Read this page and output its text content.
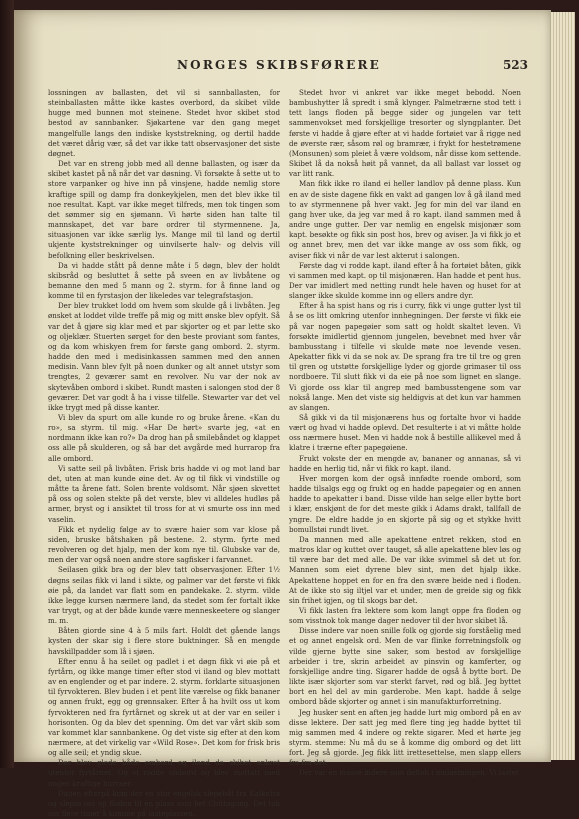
NORGES SKIBSFØRERE	523

lossningen av ballasten, det vil si sannballasten, for steinballasten måtte ikke kastes overbord, da skibet vilde hugge med bunnen mot steinene. Stedet hvor skibet stod bestod av sannbanker. Sjøkartene var den gang meget mangelfulle langs den indiske kyststrekning, og dertil hadde det været dårig vær, så det var ikke tatt observasjoner det siste døgnet.

Det var en streng jobb med all denne ballasten, og især da skibet kastet på nå når det var døsning. Vi forsøkte å sette ut to store varpanker og hive inn på vinsjene, hadde nemlig store kraftige spill og damp fra donkeykjelen, men det blev ikke til noe resultat. Kapt. var ikke meget tilfreds, men tok tingen som det sømmer sig en sjømann. Vi hørte siden han talte til mannskapet, det var bare ordrer til styrmennene. Ja, situasjonen var ikke særlig lys. Mange mil til land og dertil ukjente kyststrekninger og uinvilserte halv- og delvis vill befolkning eller beskrivelsen.

Da vi hadde stått på denne måte i 5 døgn, blev der holdt skibsråd og besluttet å sette på sveen en av livbåtene og bemanne den med 5 mann og 2. styrm. for å finne land og komme til en fyrstasjon der likeledes var telegrafstasjon.

Der blev trukket lodd om hvem som skulde gå i livbåten. Jeg ønsket at loddet vilde treffe på mig og mitt ønske blev opfylt. Så var det å gjøre sig klar med et par skjorter og et par lette sko og oljeklær. Stuerten sørget for den beste proviant som fantes, og da kom whiskyen frem for første gang ombord. 2. styrm. hadde den med i medisinkassen sammen med den annen medisin. Vann blev fylt på noen dunker og alt annet utstyr som trengtes, 2 geværer samt en revolver. Nu var der nok av skytevåben ombord i skibet. Rundt masten i salongen stod der 8 geværer. Det var godt å ha i visse tilfelle. Stewarter var det vel ikke trygt med på disse kanter.

Vi blev da spurt om alle kunde ro og bruke årene. «Kan du ro», sa styrm. til mig. «Har De hørt» svarte jeg, «at en nordmann ikke kan ro?» Da drog han på smilebåndet og klappet oss alle på skulderen, og så bar det avgårde med hurrarop fra alle ombord.

Vi satte seil på livbåten. Frisk bris hadde vi og mot land bar det, uten at man kunde øine det. Av og til fikk vi vindstille og måtte ta årene fatt. Solen brente voldsomt. Når sjøen skvettet på oss og solen stekte på det verste, blev vi alldeles hudløs på armer, bryst og i ansiktet til tross for at vi smurte oss inn med vaselin.

Fikk et nydelig følge av to svære haier som var klose på siden, bruske båtshaken på bestene. 2. styrm. fyrte med revolveren og det hjalp, men der kom nye til. Glubske var de, men der var også noen andre store sagfisker i farvannet.

Seilasen gikk bra og der blev tatt observasjoner. Efter 1½ døgns seilas fikk vi land i sikte, og palmer var det første vi fikk øie på, da landet var flatt som en pandekake. 2. styrm. vilde ikke legge kursen nærmere land, da stedet som fer fortalt ikke var trygt, og at der både kunde være menneskeetere og slanger m. m.

Båten giorde sine 4 à 5 mils fart. Holdt det gående langs kysten der skar sig i flere store buktninger. Så en mengde havskillpadder som lå i sjøen.

Efter ennu å ha seilet og padlet i et døgn fikk vi øie på et fyrtårn, og ikke mange timer efter stod vi iland og blev mottatt av en englender og et par indere. 2. styrm. forklarte situasjonen til fyrvokteren. Blev buden i et pent lite værelse og fikk bananer og annen frukt, egg og grønnsaker. Efter å ha hvilt oss ut kom fyrvokteren ned fra fyrtårnet og skrek ut at der var en seiler i horisonten. Og da blev det spenning. Om det var vårt skib som var kommet klar sannbankene. Og det viste sig efter at den kom nærmere, at det virkelig var «Wild Rose». Det kom for frisk bris og alle seil; et yndig skue.

Der blev glede både ombord og iland da skibet ankret utenfor fyrtårnet. Og vi rodde ombord og blev mottatt med nogen kraftige hurraer.

Dagen efterpå kom der en stor engelsk slepebåt fra Kalkutta og slepte oss op floden til en plass som het Chittagong. Det tok oss flere timer å komme på lasteplassen.

Stedet hvor vi ankret var ikke meget bebodd. Noen bambushytter lå spredt i små klynger. Palmetrærne stod tett i tett langs floden på begge sider og jungelen var tett sammenvokset med forskjellige tresorter og slyngplanter. Det første vi hadde å gjøre efter at vi hadde fortøiet var å rigge ned de øverste rær, såsom røl og bramrær, i frykt for hestetrømene (Monsunen) som pleiet å være voldsom, når disse kom settende. Skibet lå da nokså høit på vannet, da all ballast var losset og var litt rank.

Man fikk ikke ro iland ei heller landlov på denne plass. Kun en av de siste dagene fikk en vakt ad gangen lov å gå iland med to av styrmennene på hver vakt. Jeg for min del var iland en gang hver uke, da jeg var med å ro kapt. iland sammen med å andre unge gutter. Der var nemlig en engelsk misjonær som kapt. besøkte og fikk sin post hos, brev og aviser. Ja vi fikk jo et og annet brev, men det var ikke mange av oss som fikk, og aviser fikk vi når de var lest akterut i salongen.

Første dag vi rodde kapt. iland efter å ha fortøiet båten, gikk vi sammen med kapt. op til misjonæren. Han hadde et pent hus. Der var imidlert med netting rundt hele haven og huset for at slanger ikke skulde komme inn og ellers andre dyr.

Efter å ha spist hans og ris i curry, fikk vi unge gutter lyst til å se os litt omkring utenfor innhegningen. Der første vi fikk eie på var nogen papegøier som satt og holdt skaltet leven. Vi forsøkte imidlertid gjennom jungelen, bevebnet med hver vår bambusstang i tilfelle vi skulde møte noe levende vesen. Apekatter fikk vi da se nok av. De sprang fra tre til tre og gren til gren og utstøtte forskjellige lyder og gjorde grimaser til oss nordboere. Til slutt fikk vi da eie på noe som lignet en slange. Vi gjorde oss klar til angrep med bambusstengene som var nokså lange. Men det viste sig heldigvis at det kun var hammen av slangen.

Så gikk vi da til misjonærens hus og fortalte hvor vi hadde vært og hvad vi hadde oplevd. Det resulterte i at vi måtte holde oss nærmere huset. Men vi hadde nok å bestille allikevel med å klatre i trærne efter papegøiene.

Frukt vokste der en mengde av, bananer og annanas, så vi hadde en herlig tid, når vi fikk ro kapt. iland.

Hver morgen kom der også innfødte roende ombord, som hadde tilsalgs egg og frukt og en hadde papegøier og en annen hadde to apekatter i band. Disse vilde han selge eller bytte bort i klær, enskjønt de for det meste gikk i Adams drakt, tallfall de yngre. De eldre hadde jo en skjorte på sig og et stykke hvitt bomullstøi rundt livet.

Da mannen med alle apekattene entret rekken, stod en matros klar og kuttet over tauget, så alle apekattene blev løs og til være bar det med alle. De var ikke svimmel så det ut for. Mannen som eiet dyrene blev sint, men det hjalp ikke. Apekattene hoppet en for en fra den svære beide ned i floden. At de ikke sto sig iltjel var et under, men de greide sig og fikk sin frihet igjen, og til skogs bar det.

Vi fikk lasten fra lektere som kom langt oppe fra floden og som visstnok tok mange dager nedover til der hvor skibet lå.

Disse indere var noen snille folk og gjorde sig forståelig med et og annet engelsk ord. Men de var flinke forretningsfolk og vilde gjerne bytte sine saker, som bestod av forskjellige arbeider i tre, skrin arbeidet av pinsvin og kamferter, og forskjellige andre ting. Sigarer hadde de også å bytte bort. De likte især skjorter som var sterkt farvet, rød og blå. Jeg byttet bort en hel del av min garderobe. Men kapt. hadde å selge ombord både skjorter og annet i sin manufakturforretning.

Jeg husker sent en aften jeg hadde lurt mig ombord på en av disse lektere. Der satt jeg med flere ting jeg hadde byttet til mig sammen med 4 indere og rekte sigarer. Med et hørte jeg styrm. stemme: Nu må du se å komme dig ombord og det litt fort. Jeg så gjorde. Jeg fikk litt irettesettelse, men slapp ellers fra fra det.

Der var en masse indere som deltok i innlastningen. Vi lastet
